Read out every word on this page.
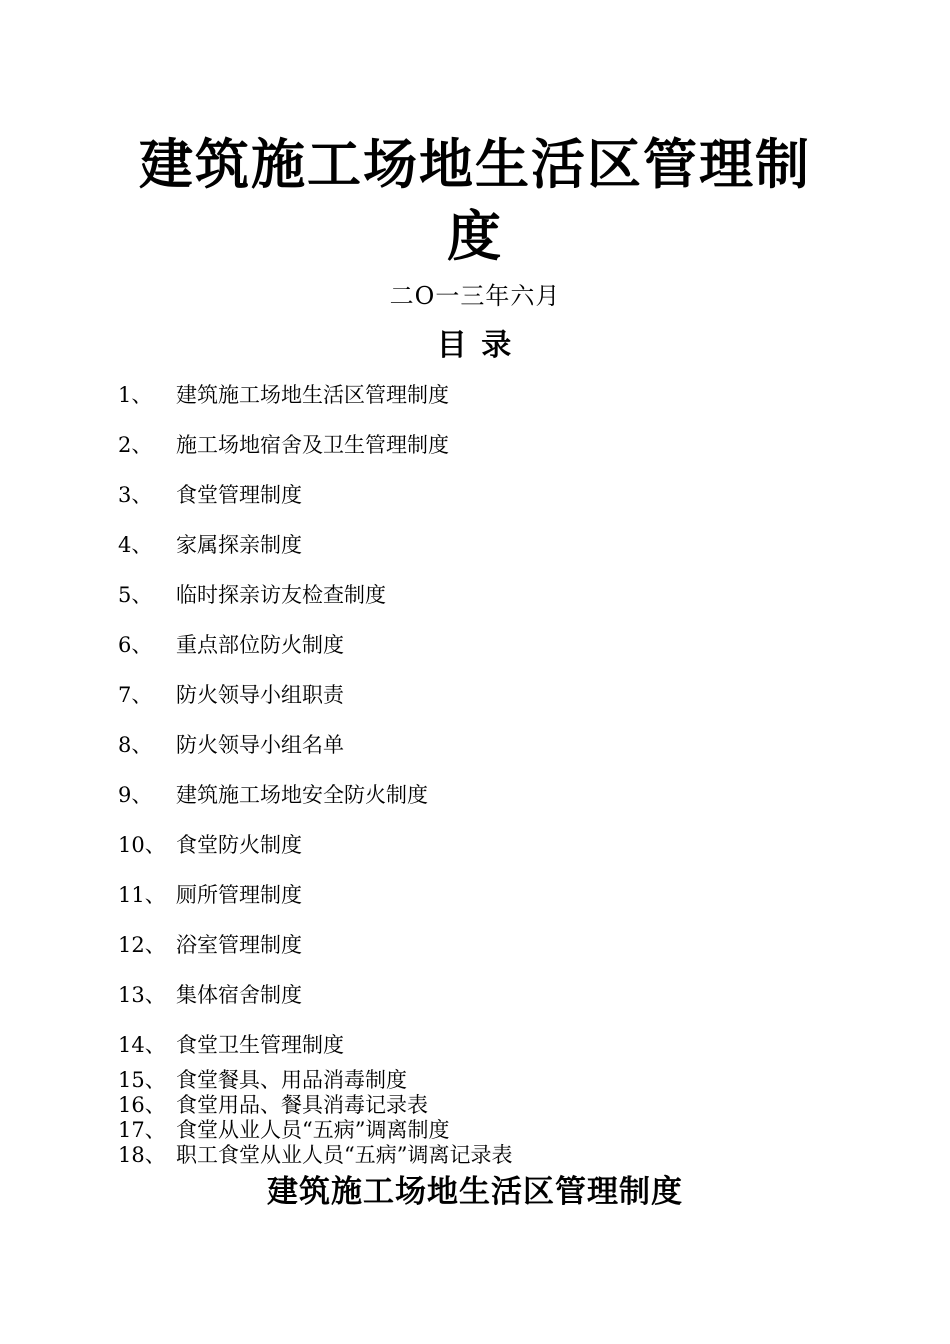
建筑施工场地生活区管理制
度
二O一三年六月
目 录
1、 建筑施工场地生活区管理制度
2、 施工场地宿舍及卫生管理制度
3、 食堂管理制度
4、 家属探亲制度
5、 临时探亲访友检查制度
6、 重点部位防火制度
7、 防火领导小组职责
8、 防火领导小组名单
9、 建筑施工场地安全防火制度
10、 食堂防火制度
11、 厕所管理制度
12、 浴室管理制度
13、 集体宿舍制度
14、 食堂卫生管理制度
15、 食堂餐具、用品消毒制度
16、 食堂用品、餐具消毒记录表
17、 食堂从业人员“五病”调离制度
18、 职工食堂从业人员“五病”调离记录表
建筑施工场地生活区管理制度
